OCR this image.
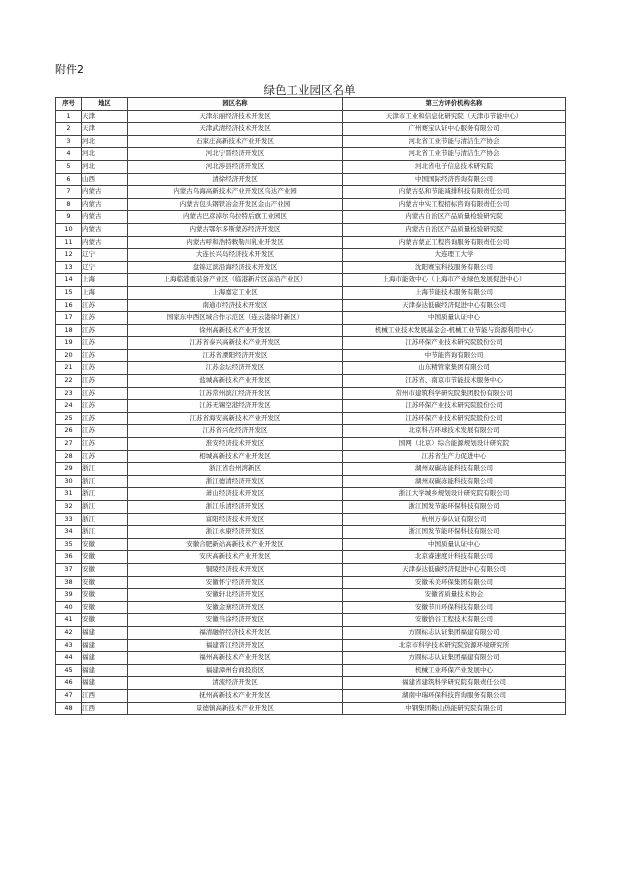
附件2
绿色工业园区名单
序号	地区	园区名称	第三方评价机构名称
1	天津	天津东丽经济技术开发区	天津市工业和信息化研究院（天津市节能中心）
2	天津	天津武清经济技术开发区	广州赛宝认证中心服务有限公司
3	河北	石家庄高新技术产业开发区	河北省工业节能与清洁生产协会
4	河北	河北宁晋经济开发区	河北省工业节能与清洁生产协会
5	河北	河北涉县经济开发区	河北省电子信息技术研究院
6	山西	清徐经济开发区	中国国际经济咨询有限公司
7	内蒙古	内蒙古乌海高新技术产业开发区乌达产业园	内蒙古弘和节能减排科技有限责任公司
8	内蒙古	内蒙古包头钢铁冶金开发区金山产业园	内蒙古中实工程招标咨询有限责任公司
9	内蒙古	内蒙古巴彦淖尔乌拉特后旗工业园区	内蒙古自治区产品质量检验研究院
10	内蒙古	内蒙古鄂尔多斯蒙苏经济开发区	内蒙古自治区产品质量检验研究院
11	内蒙古	内蒙古呼和浩特敕勒川乳业开发区	内蒙古蒙正工程咨询服务有限责任公司
12	辽宁	大连长兴岛经济技术开发区	大连理工大学
13	辽宁	盘锦辽滨沿海经济技术开发区	沈阳赛宝科技服务有限公司
14	上海	上海临港重装备产业区（临港新片区前沿产业区）	上海市能效中心（上海市产业绿色发展促进中心）
15	上海	上海嘉定工业区	上海节能技术服务有限公司
16	江苏	南通市经济技术开发区	天津泰达低碳经济促进中心有限公司
17	江苏	国家东中西区域合作示范区（连云港徐圩新区）	中国质量认证中心
18	江苏	徐州高新技术产业开发区	机械工业技术发展基金会-机械工业节能与资源利用中心
19	江苏	江苏省泰兴高新技术产业开发区	江苏环保产业技术研究院股份公司
20	江苏	江苏省溧阳经济开发区	中节能咨询有限公司
21	江苏	江苏金坛经济开发区	山东精管家集团有限公司
22	江苏	盐城高新技术产业开发区	江苏省、南京市节能技术服务中心
23	江苏	江苏常州滨江经济开发区	常州市建筑科学研究院集团股份有限公司
24	江苏	江苏无锡空港经济开发区	江苏环保产业技术研究院股份公司
25	江苏	江苏省海安高新技术产业开发区	江苏环保产业技术研究院股份公司
26	江苏	江苏省兴化经济开发区	北京科吉环球技术发展有限公司
27	江苏	淮安经济技术开发区	国网（北京）综合能源规划设计研究院
28	江苏	相城高新技术产业开发区	江苏省生产力促进中心
29	浙江	浙江省台州湾新区	湖州双碳冻能科技有限公司
30	浙江	浙江德清经济开发区	湖州双碳冻能科技有限公司
31	浙江	萧山经济技术开发区	浙江大学城乡规划设计研究院有限公司
32	浙江	浙江乐清经济开发区	浙江国发节能环保科技有限公司
33	浙江	富阳经济技术开发区	杭州万泰认证有限公司
34	浙江	浙江永康经济开发区	浙江国发节能环保科技有限公司
35	安徽	安徽合肥新站高新技术产业开发区	中国质量认证中心
36	安徽	安庆高新技术产业开发区	北京睿速度计科技有限公司
37	安徽	铜陵经济技术开发区	天津泰达低碳经济促进中心有限公司
38	安徽	安徽怀宁经济开发区	安徽禾美环保集团有限公司
39	安徽	安徽轩北经济开发区	安徽省质量技术协会
40	安徽	安徽金寨经济开发区	安徽节川环保科技有限公司
41	安徽	安徽当涂经济开发区	安徽恰谷工程技术有限公司
42	福建	福清融侨经济技术开发区	方圆标志认证集团福建有限公司
43	福建	福建晋江经济开发区	北京市科学技术研究院资源环境研究所
44	福建	福州高新技术产业开发区	方圆标志认证集团福建有限公司
45	福建	福建漳州台商投资区	机械工业环保产业发展中心
46	福建	清流经济开发区	福建省建筑科学研究院有限责任公司
47	江西	抚州高新技术产业开发区	湖南中瑞环保科技咨询服务有限公司
48	江西	景德镇高新技术产业开发区	中钢集团鞍山热能研究院有限公司
